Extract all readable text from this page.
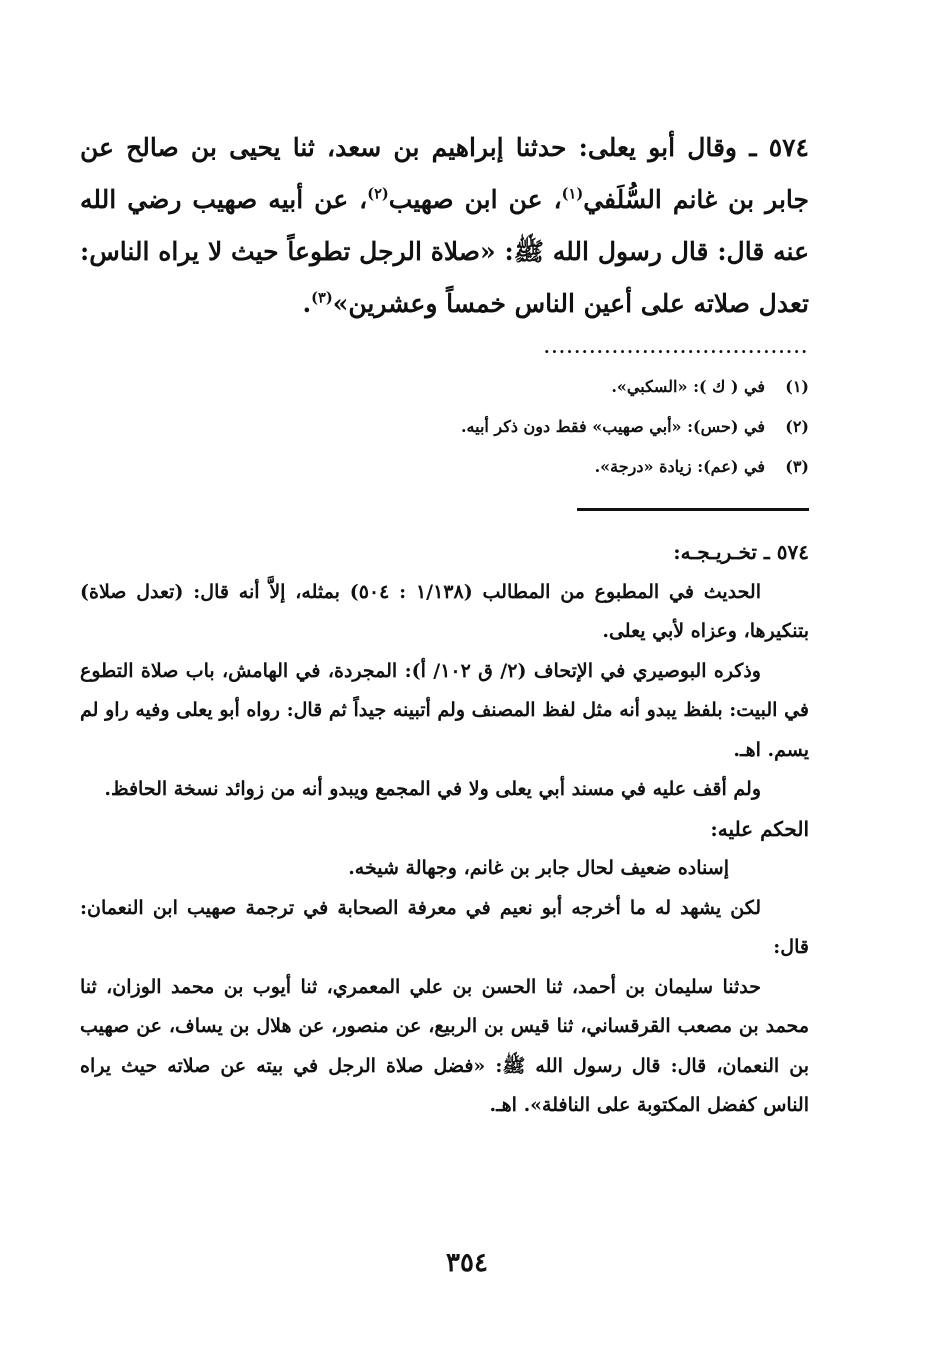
٥٧٤ ـ وقال أبو يعلى: حدثنا إبراهيم بن سعد، ثنا يحيى بن صالح عن جابر بن غانم السُّلَفي$^{(١)}$، عن ابن صهيب$^{(٢)}$، عن أبيه صهيب رضي الله عنه قال: قال رسول الله ﷺ: «صلاة الرجل تطوعاً حيث لا يراه الناس: تعدل صلاته على أعين الناس خمساً وعشرين»$^{(٣)}$.

...................................
(١)في ( ك ): «السكبي».
(٢)في (حس): «أبي صهيب» فقط دون ذكر أبيه.
(٣)في (عم): زيادة «درجة».

٥٧٤ ـ تخـريـجـه:

الحديث في المطبوع من المطالب (١/١٣٨ : ٥٠٤) بمثله، إلاَّ أنه قال: (تعدل صلاة) بتنكيرها، وعزاه لأبي يعلى.

وذكره البوصيري في الإتحاف (٢/ ق ١٠٢/ أ): المجردة، في الهامش، باب صلاة التطوع في البيت: بلفظ يبدو أنه مثل لفظ المصنف ولم أتبينه جيداً ثم قال: رواه أبو يعلى وفيه راو لم يسم. اهـ.

ولم أقف عليه في مسند أبي يعلى ولا في المجمع ويبدو أنه من زوائد نسخة الحافظ.

الحكم عليه:

إسناده ضعيف لحال جابر بن غانم، وجهالة شيخه.

لكن يشهد له ما أخرجه أبو نعيم في معرفة الصحابة في ترجمة صهيب ابن النعمان: قال:

حدثنا سليمان بن أحمد، ثنا الحسن بن علي المعمري، ثنا أيوب بن محمد الوزان، ثنا محمد بن مصعب القرقساني، ثنا قيس بن الربيع، عن منصور، عن هلال بن يساف، عن صهيب بن النعمان، قال: قال رسول الله ﷺ: «فضل صلاة الرجل في بيته عن صلاته حيث يراه الناس كفضل المكتوبة على النافلة». اهـ.

٣٥٤
